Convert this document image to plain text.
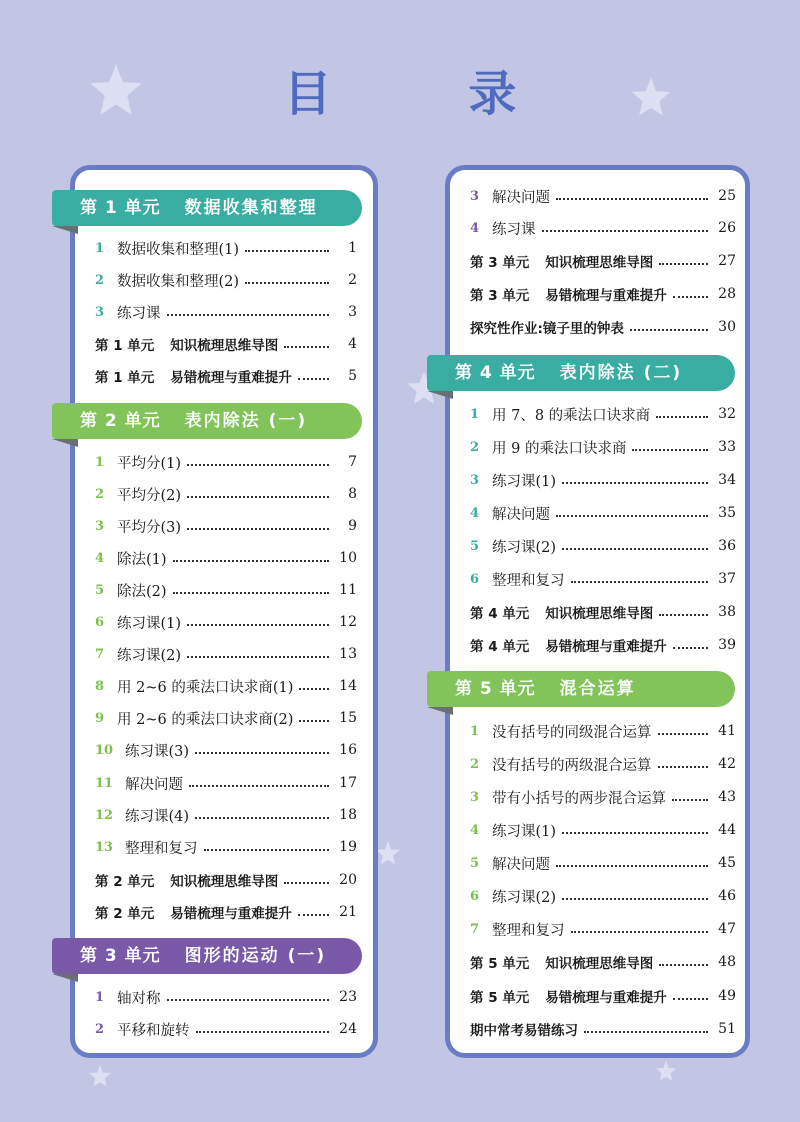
目 录
第 1 单元 数据收集和整理
1 数据收集和整理(1)	1
2 数据收集和整理(2)	2
3 练习课	3
第 1 单元 知识梳理思维导图	4
第 1 单元 易错梳理与重难提升	5
第 2 单元 表内除法 (一)
1 平均分(1)	7
2 平均分(2)	8
3 平均分(3)	9
4 除法(1)	10
5 除法(2)	11
6 练习课(1)	12
7 练习课(2)	13
8 用 2~6 的乘法口诀求商(1)	14
9 用 2~6 的乘法口诀求商(2)	15
10 练习课(3)	16
11 解决问题	17
12 练习课(4)	18
13 整理和复习	19
第 2 单元 知识梳理思维导图	20
第 2 单元 易错梳理与重难提升	21
第 3 单元 图形的运动 (一)
1 轴对称	23
2 平移和旋转	24
3 解决问题	25
4 练习课	26
第 3 单元 知识梳理思维导图	27
第 3 单元 易错梳理与重难提升	28
探究性作业:镜子里的钟表	30
第 4 单元 表内除法 (二)
1 用 7、8 的乘法口诀求商	32
2 用 9 的乘法口诀求商	33
3 练习课(1)	34
4 解决问题	35
5 练习课(2)	36
6 整理和复习	37
第 4 单元 知识梳理思维导图	38
第 4 单元 易错梳理与重难提升	39
第 5 单元 混合运算
1 没有括号的同级混合运算	41
2 没有括号的两级混合运算	42
3 带有小括号的两步混合运算	43
4 练习课(1)	44
5 解决问题	45
6 练习课(2)	46
7 整理和复习	47
第 5 单元 知识梳理思维导图	48
第 5 单元 易错梳理与重难提升	49
期中常考易错练习	51
